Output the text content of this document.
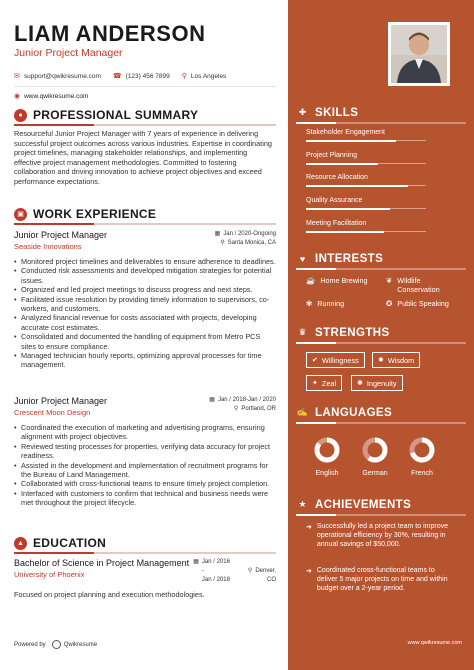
LIAM ANDERSON
Junior Project Manager
✉ support@qwikresume.com ☎ (123) 456 7899 ⚲ Los Angeles
◉ www.qwikresume.com
● PROFESSIONAL SUMMARY
Resourceful Junior Project Manager with 7 years of experience in delivering successful project outcomes across various industries. Expertise in coordinating project timelines, managing stakeholder relationships, and implementing effective project management methodologies. Committed to fostering collaboration and driving innovation to achieve project objectives and exceed performance expectations.
▣ WORK EXPERIENCE
Junior Project Manager
Seaside Innovations
▦ Jan / 2020-Ongoing
⚲ Santa Monica, CA
• Monitored project timelines and deliverables to ensure adherence to deadlines.
• Conducted risk assessments and developed mitigation strategies for potential issues.
• Organized and led project meetings to discuss progress and next steps.
• Facilitated issue resolution by providing timely information to supervisors, co-workers, and customers.
• Analyzed financial revenue for costs associated with projects, developing accurate cost estimates.
• Consolidated and documented the handling of equipment from Metro PCS sites to ensure compliance.
• Managed technician hourly reports, optimizing approval processes for time management.
Junior Project Manager
Crescent Moon Design
▦ Jan / 2018-Jan / 2020
⚲ Portland, OR
• Coordinated the execution of marketing and advertising programs, ensuring alignment with project objectives.
• Reviewed testing processes for properties, verifying data accuracy for project readiness.
• Assisted in the development and implementation of recruitment programs for the Bureau of Land Management.
• Collaborated with cross-functional teams to ensure timely project completion.
• Interfaced with customers to confirm that technical and business needs were met throughout the project lifecycle.
▲ EDUCATION
Bachelor of Science in Project Management
University of Phoenix
▦ Jan / 2016 -
Jan / 2018
⚲ Denver, CO
Focused on project planning and execution methodologies.
Powered by	Qwikresume
✚ SKILLS
Stakeholder Engagement
Project Planning
Resource Allocation
Quality Assurance
Meeting Facilitation
♥ INTERESTS
☕ Home Brewing ❦ Wildlife Conservation
✾ Running	✪ Public Speaking
♛ STRENGTHS
✔ Willingness	✹ Wisdom
✦ Zeal	✺ Ingenuity
✍ LANGUAGES
English	German	French
★ ACHIEVEMENTS
➜ Successfully led a project team to improve operational efficiency by 30%, resulting in annual savings of $50,000.
➜ Coordinated cross-functional teams to deliver 5 major projects on time and within budget over a 2-year period.
www.qwikresume.com
